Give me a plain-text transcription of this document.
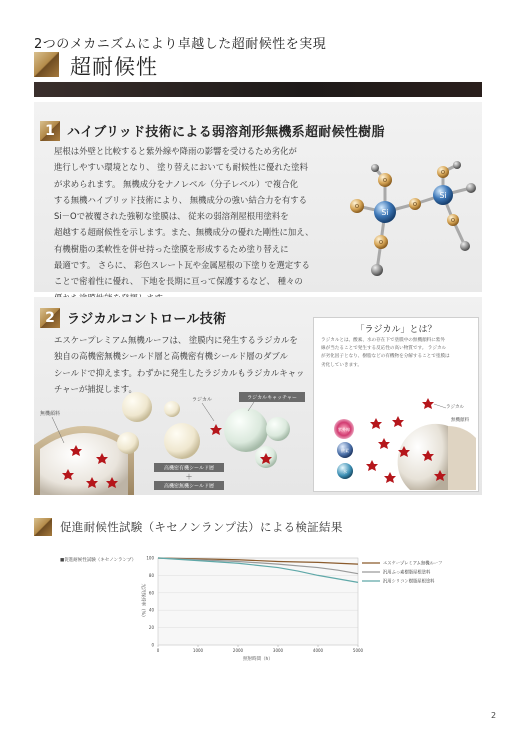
2つのメカニズムにより卓越した超耐候性を実現
超耐候性
1 ハイブリッド技術による弱溶剤形無機系超耐候性樹脂
屋根は外壁と比較すると紫外線や降雨の影響を受けるため劣化が
進行しやすい環境となり、 塗り替えにおいても耐候性に優れた塗料
が求められます。 無機成分をナノレベル（分子レベル）で複合化
する無機ハイブリッド技術により、 無機成分の強い結合力を有する
Si－Oで被覆された強靭な塗膜は、 従来の弱溶剤屋根用塗料を
超越する超耐候性を示します。また、無機成分の優れた剛性に加え、
有機樹脂の柔軟性を併せ持った塗膜を形成するため塗り替えに
最適です。 さらに、 彩色スレート瓦や金属屋根の下塗りを選定する
ことで密着性に優れ、 下地を長期に亘って保護するなど、 種々の
Si
Si
O
O	O
O
O
O
2 ラジカルコントロール技術
エスケープレミアム無機ルーフは、 塗膜内に発生するラジカルを
独自の高機密無機シールド層と高機密有機シールド層のダブル
シールドで抑えます。わずかに発生したラジカルもラジカルキャッ
チャーが捕捉します。
無機顔料
ラジカル	ラジカルキャッチャー
高機密有機シールド層
＋
高機密無機シールド層
「ラジカル」とは？
ラジカルとは、酸素、水の存在下で塗膜中の無機顔料に紫外
線が当たることで発生する反応性の高い物質です。 ラジカル
が劣化因子となり、樹脂などの有機物を分解することで塗膜は
劣化していきます。
紫外線
酸素
水
ラジカル
無機顔料
促進耐候性試験（キセノンランプ法）による検証結果
■促進耐候性試験（キセノンランプ）
0
20
40
60
80
100
0	1000	2000	3000	4000	5000
照射時間（h）
光沢保持率（%）
エスケープレミアム無機ルーフ
汎用ふっ素樹脂屋根塗料
汎用シリコン樹脂屋根塗料
2
